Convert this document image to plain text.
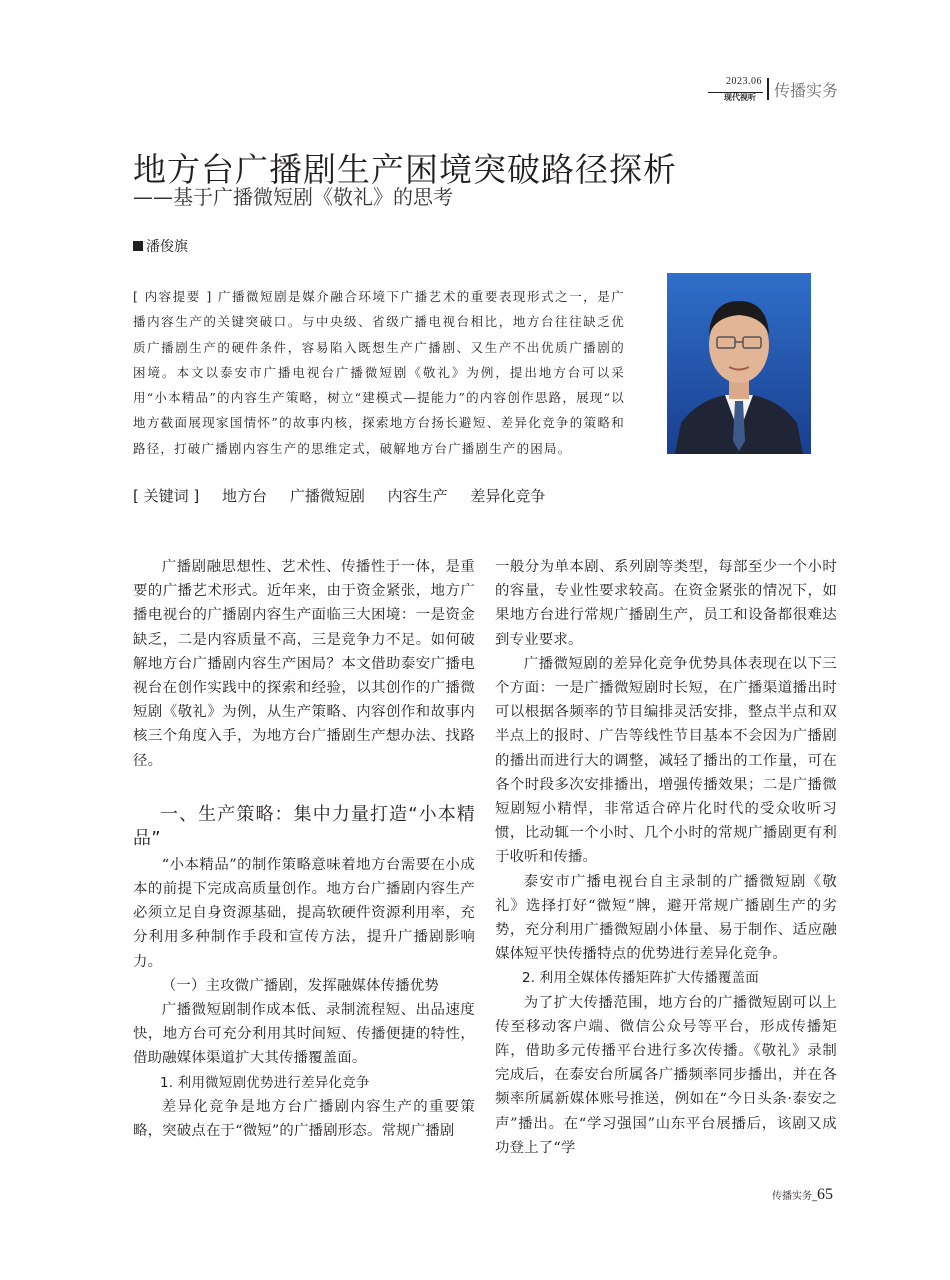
2023.06
现代视听 传播实务
地方台广播剧生产困境突破路径探析
——基于广播微短剧《敬礼》的思考
潘俊旗
[ 内容提要 ] 广播微短剧是媒介融合环境下广播艺术的重要表现形式之一，是广播内容生产的关键突破口。与中央级、省级广播电视台相比，地方台往往缺乏优质广播剧生产的硬件条件，容易陷入既想生产广播剧、又生产不出优质广播剧的困境。本文以泰安市广播电视台广播微短剧《敬礼》为例，提出地方台可以采用“小本精品”的内容生产策略，树立“建模式—提能力”的内容创作思路，展现“以地方截面展现家国情怀”的故事内核，探索地方台扬长避短、差异化竞争的策略和路径，打破广播剧内容生产的思维定式，破解地方台广播剧生产的困局。
[ 关键词 ] 地方台 广播微短剧 内容生产 差异化竞争

广播剧融思想性、艺术性、传播性于一体，是重要的广播艺术形式。近年来，由于资金紧张，地方广播电视台的广播剧内容生产面临三大困境：一是资金缺乏，二是内容质量不高，三是竞争力不足。如何破解地方台广播剧内容生产困局？本文借助泰安广播电视台在创作实践中的探索和经验，以其创作的广播微短剧《敬礼》为例，从生产策略、内容创作和故事内核三个角度入手，为地方台广播剧生产想办法、找路径。

一、生产策略：集中力量打造“小本精品”

“小本精品”的制作策略意味着地方台需要在小成本的前提下完成高质量创作。地方台广播剧内容生产必须立足自身资源基础，提高软硬件资源利用率，充分利用多种制作手段和宣传方法，提升广播剧影响力。

（一）主攻微广播剧，发挥融媒体传播优势

广播微短剧制作成本低、录制流程短、出品速度快，地方台可充分利用其时间短、传播便捷的特性，借助融媒体渠道扩大其传播覆盖面。

1. 利用微短剧优势进行差异化竞争

差异化竞争是地方台广播剧内容生产的重要策略，突破点在于“微短”的广播剧形态。常规广播剧

一般分为单本剧、系列剧等类型，每部至少一个小时的容量，专业性要求较高。在资金紧张的情况下，如果地方台进行常规广播剧生产，员工和设备都很难达到专业要求。

广播微短剧的差异化竞争优势具体表现在以下三个方面：一是广播微短剧时长短，在广播渠道播出时可以根据各频率的节目编排灵活安排，整点半点和双半点上的报时、广告等线性节目基本不会因为广播剧的播出而进行大的调整，减轻了播出的工作量，可在各个时段多次安排播出，增强传播效果；二是广播微短剧短小精悍，非常适合碎片化时代的受众收听习惯，比动辄一个小时、几个小时的常规广播剧更有利于收听和传播。

泰安市广播电视台自主录制的广播微短剧《敬礼》选择打好“微短”牌，避开常规广播剧生产的劣势，充分利用广播微短剧小体量、易于制作、适应融媒体短平快传播特点的优势进行差异化竞争。

2. 利用全媒体传播矩阵扩大传播覆盖面

为了扩大传播范围，地方台的广播微短剧可以上传至移动客户端、微信公众号等平台，形成传播矩阵，借助多元传播平台进行多次传播。《敬礼》录制完成后，在泰安台所属各广播频率同步播出，并在各频率所属新媒体账号推送，例如在“今日头条·泰安之声”播出。在“学习强国”山东平台展播后，该剧又成功登上了“学

传播实务_65
